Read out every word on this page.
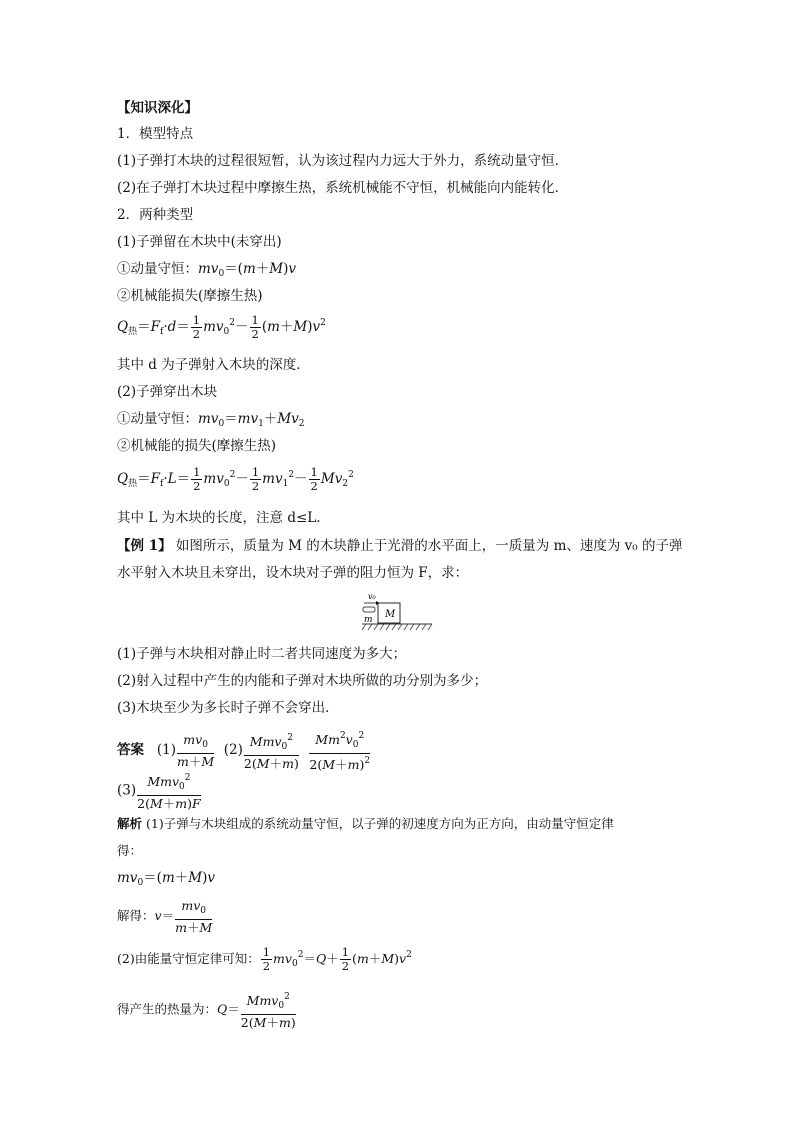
【知识深化】
1．模型特点
(1)子弹打木块的过程很短暂，认为该过程内力远大于外力，系统动量守恒．
(2)在子弹打木块过程中摩擦生热，系统机械能不守恒，机械能向内能转化．
2．两种类型
(1)子弹留在木块中(未穿出)
①动量守恒：$mv_0=(m+M)v$
②机械能损失(摩擦生热)
$Q_热=F_f\cdot d= \frac{1}{2} mv_0^2- \frac{1}{2} (m+M)v^2$
其中 d 为子弹射入木块的深度．
(2)子弹穿出木块
①动量守恒：$mv_0=mv_1+Mv_2$
②机械能的损失(摩擦生热)
$Q_热=F_f\cdot L= \frac{1}{2} mv_0^2- \frac{1}{2} mv_1^2- \frac{1}{2} Mv_2^2$
其中 L 为木块的长度，注意 d≤L.
【例 1】 如图所示，质量为 M 的木块静止于光滑的水平面上，一质量为 m、速度为 v₀ 的子弹
水平射入木块且未穿出，设木块对子弹的阻力恒为 F，求：
v₀
m M
(1)子弹与木块相对静止时二者共同速度为多大；
(2)射入过程中产生的内能和子弹对木块所做的功分别为多少；
(3)木块至少为多长时子弹不会穿出．
答案   $(1) \frac{mv_0}{m+M} (2) \frac{Mmv_0^2}{2(M+m)}$
$\frac{Mm^2v_0^2}{2(M+m)^2}$
$(3) \frac{Mmv_0^2}{2(M+m)F}$
解析 (1)子弹与木块组成的系统动量守恒，以子弹的初速度方向为正方向，由动量守恒定律
得：
$mv_0=(m+M)v$
解得：$v= \frac{mv_0}{m+M}$
(2)由能量守恒定律可知： $\frac{1}{2} mv_0^2=Q+ \frac{1}{2} (m+M)v^2$
得产生的热量为：$Q= \frac{Mmv_0^2}{2(M+m)}$
